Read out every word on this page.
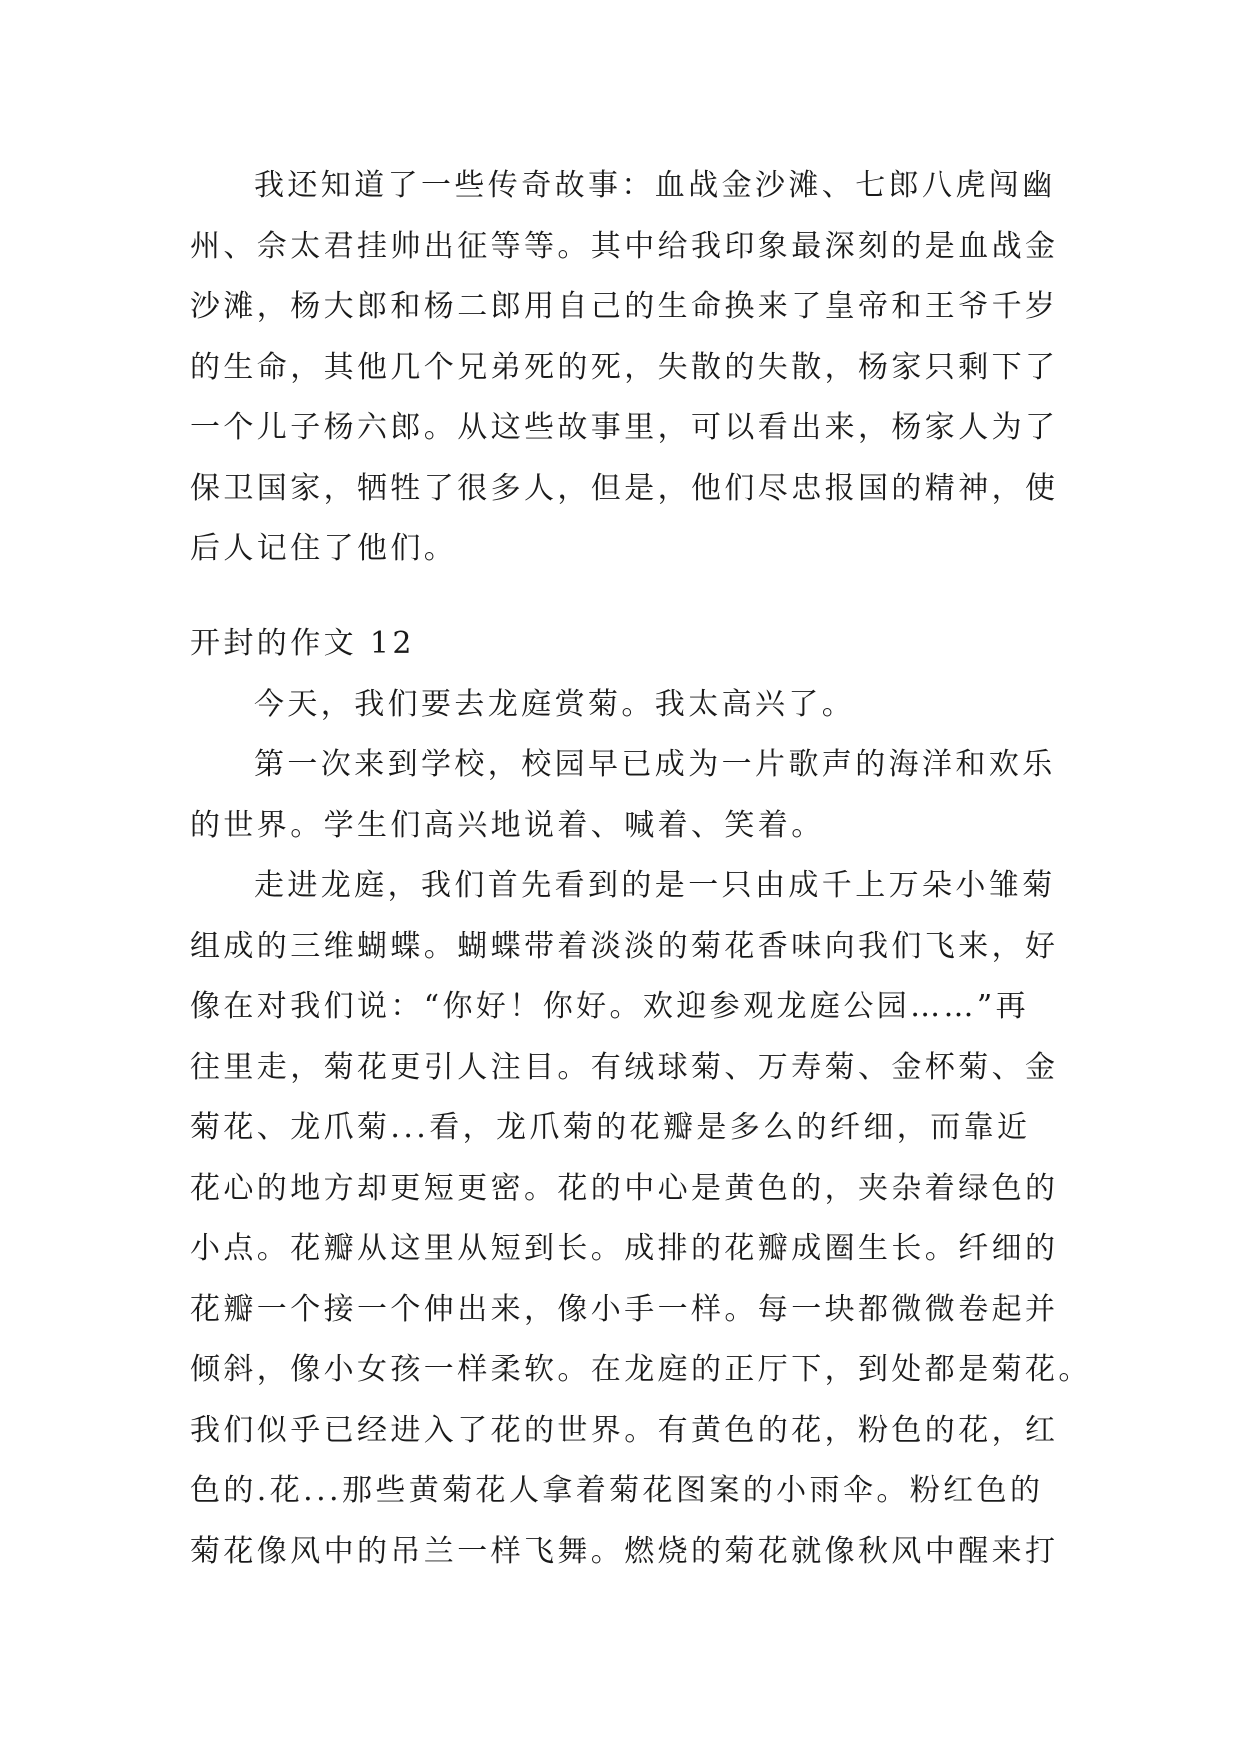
我还知道了一些传奇故事：血战金沙滩、七郎八虎闯幽
州、佘太君挂帅出征等等。其中给我印象最深刻的是血战金
沙滩，杨大郎和杨二郎用自己的生命换来了皇帝和王爷千岁
的生命，其他几个兄弟死的死，失散的失散，杨家只剩下了
一个儿子杨六郎。从这些故事里，可以看出来，杨家人为了
保卫国家，牺牲了很多人，但是，他们尽忠报国的精神，使
后人记住了他们。
开封的作文 12
今天，我们要去龙庭赏菊。我太高兴了。
第一次来到学校，校园早已成为一片歌声的海洋和欢乐
的世界。学生们高兴地说着、喊着、笑着。
走进龙庭，我们首先看到的是一只由成千上万朵小雏菊
组成的三维蝴蝶。蝴蝶带着淡淡的菊花香味向我们飞来，好
像在对我们说：“你好！你好。欢迎参观龙庭公园……”再
往里走，菊花更引人注目。有绒球菊、万寿菊、金杯菊、金
菊花、龙爪菊...看，龙爪菊的花瓣是多么的纤细，而靠近
花心的地方却更短更密。花的中心是黄色的，夹杂着绿色的
小点。花瓣从这里从短到长。成排的花瓣成圈生长。纤细的
花瓣一个接一个伸出来，像小手一样。每一块都微微卷起并
倾斜，像小女孩一样柔软。在龙庭的正厅下，到处都是菊花。
我们似乎已经进入了花的世界。有黄色的花，粉色的花，红
色的.花...那些黄菊花人拿着菊花图案的小雨伞。粉红色的
菊花像风中的吊兰一样飞舞。燃烧的菊花就像秋风中醒来打
